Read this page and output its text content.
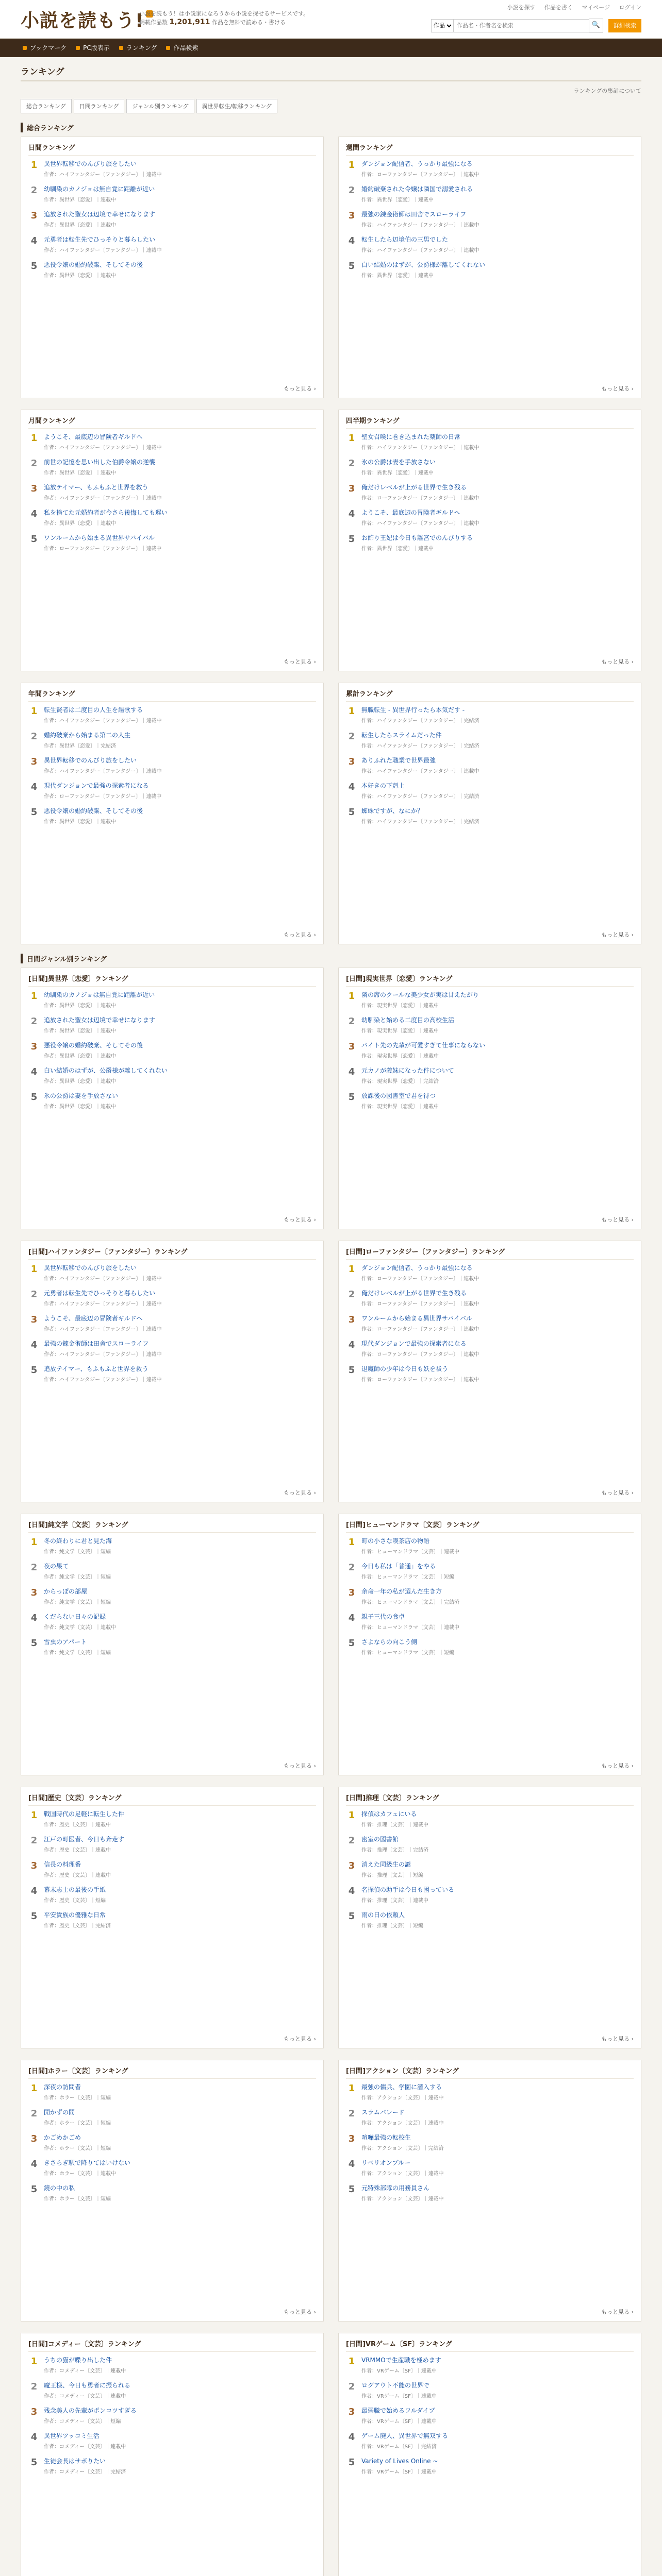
小説を読もう!
小説を読もう！は小説家になろうから小説を探せるサービスです。
掲載作品数 1,201,911 作品を無料で読める・書ける
小説を探す 作品を書く マイページ ログイン
作品
作品名・作者名を検索
🔍	詳細検索
ブックマーク	PC版表示	ランキング	作品検索
ランキング
ランキングの集計について
総合ランキング	日間ランキング	ジャンル別ランキング	異世界転生/転移ランキング
総合ランキング
日間ランキング
1	異世界転移でのんびり旅をしたい
作者：ハイファンタジー〔ファンタジー〕｜連載中
2	幼馴染のカノジョは無自覚に距離が近い
作者：異世界〔恋愛〕｜連載中
3	追放された聖女は辺境で幸せになります
作者：異世界〔恋愛〕｜連載中
4	元勇者は転生先でひっそりと暮らしたい
作者：ハイファンタジー〔ファンタジー〕｜連載中
5	悪役令嬢の婚約破棄、そしてその後
作者：異世界〔恋愛〕｜連載中
もっと見る ›
週間ランキング
1	ダンジョン配信者、うっかり最強になる
作者：ローファンタジー〔ファンタジー〕｜連載中
2	婚約破棄された令嬢は隣国で溺愛される
作者：異世界〔恋愛〕｜連載中
3	最強の錬金術師は田舎でスローライフ
作者：ハイファンタジー〔ファンタジー〕｜連載中
4	転生したら辺境伯の三男でした
作者：ハイファンタジー〔ファンタジー〕｜連載中
5	白い結婚のはずが、公爵様が離してくれない
作者：異世界〔恋愛〕｜連載中
もっと見る ›
月間ランキング
1	ようこそ、最底辺の冒険者ギルドへ
作者：ハイファンタジー〔ファンタジー〕｜連載中
2	前世の記憶を思い出した伯爵令嬢の逆襲
作者：異世界〔恋愛〕｜連載中
3	追放テイマー、もふもふと世界を救う
作者：ハイファンタジー〔ファンタジー〕｜連載中
4	私を捨てた元婚約者が今さら後悔しても遅い
作者：異世界〔恋愛〕｜連載中
5	ワンルームから始まる異世界サバイバル
作者：ローファンタジー〔ファンタジー〕｜連載中
もっと見る ›
四半期ランキング
1	聖女召喚に巻き込まれた薬師の日常
作者：ハイファンタジー〔ファンタジー〕｜連載中
2	氷の公爵は妻を手放さない
作者：異世界〔恋愛〕｜連載中
3	俺だけレベルが上がる世界で生き残る
作者：ローファンタジー〔ファンタジー〕｜連載中
4	ようこそ、最底辺の冒険者ギルドへ
作者：ハイファンタジー〔ファンタジー〕｜連載中
5	お飾り王妃は今日も離宮でのんびりする
作者：異世界〔恋愛〕｜連載中
もっと見る ›
年間ランキング
1	転生賢者は二度目の人生を謳歌する
作者：ハイファンタジー〔ファンタジー〕｜連載中
2	婚約破棄から始まる第二の人生
作者：異世界〔恋愛〕｜完結済
3	異世界転移でのんびり旅をしたい
作者：ハイファンタジー〔ファンタジー〕｜連載中
4	現代ダンジョンで最強の探索者になる
作者：ローファンタジー〔ファンタジー〕｜連載中
5	悪役令嬢の婚約破棄、そしてその後
作者：異世界〔恋愛〕｜連載中
もっと見る ›
累計ランキング
1	無職転生 - 異世界行ったら本気だす -
作者：ハイファンタジー〔ファンタジー〕｜完結済
2	転生したらスライムだった件
作者：ハイファンタジー〔ファンタジー〕｜完結済
3	ありふれた職業で世界最強
作者：ハイファンタジー〔ファンタジー〕｜連載中
4	本好きの下剋上
作者：ハイファンタジー〔ファンタジー〕｜完結済
5	蜘蛛ですが、なにか？
作者：ハイファンタジー〔ファンタジー〕｜完結済
もっと見る ›
日間ジャンル別ランキング
[日間]異世界〔恋愛〕ランキング
1	幼馴染のカノジョは無自覚に距離が近い
作者：異世界〔恋愛〕｜連載中
2	追放された聖女は辺境で幸せになります
作者：異世界〔恋愛〕｜連載中
3	悪役令嬢の婚約破棄、そしてその後
作者：異世界〔恋愛〕｜連載中
4	白い結婚のはずが、公爵様が離してくれない
作者：異世界〔恋愛〕｜連載中
5	氷の公爵は妻を手放さない
作者：異世界〔恋愛〕｜連載中
もっと見る ›
[日間]現実世界〔恋愛〕ランキング
1	隣の席のクールな美少女が実は甘えたがり
作者：現実世界〔恋愛〕｜連載中
2	幼馴染と始める二度目の高校生活
作者：現実世界〔恋愛〕｜連載中
3	バイト先の先輩が可愛すぎて仕事にならない
作者：現実世界〔恋愛〕｜連載中
4	元カノが義妹になった件について
作者：現実世界〔恋愛〕｜完結済
5	放課後の図書室で君を待つ
作者：現実世界〔恋愛〕｜連載中
もっと見る ›
[日間]ハイファンタジー〔ファンタジー〕ランキング
1	異世界転移でのんびり旅をしたい
作者：ハイファンタジー〔ファンタジー〕｜連載中
2	元勇者は転生先でひっそりと暮らしたい
作者：ハイファンタジー〔ファンタジー〕｜連載中
3	ようこそ、最底辺の冒険者ギルドへ
作者：ハイファンタジー〔ファンタジー〕｜連載中
4	最強の錬金術師は田舎でスローライフ
作者：ハイファンタジー〔ファンタジー〕｜連載中
5	追放テイマー、もふもふと世界を救う
作者：ハイファンタジー〔ファンタジー〕｜連載中
もっと見る ›
[日間]ローファンタジー〔ファンタジー〕ランキング
1	ダンジョン配信者、うっかり最強になる
作者：ローファンタジー〔ファンタジー〕｜連載中
2	俺だけレベルが上がる世界で生き残る
作者：ローファンタジー〔ファンタジー〕｜連載中
3	ワンルームから始まる異世界サバイバル
作者：ローファンタジー〔ファンタジー〕｜連載中
4	現代ダンジョンで最強の探索者になる
作者：ローファンタジー〔ファンタジー〕｜連載中
5	退魔師の少年は今日も妖を祓う
作者：ローファンタジー〔ファンタジー〕｜連載中
もっと見る ›
[日間]純文学〔文芸〕ランキング
1	冬の終わりに君と見た海
作者：純文学〔文芸〕｜短編
2	夜の果て
作者：純文学〔文芸〕｜短編
3	からっぽの部屋
作者：純文学〔文芸〕｜短編
4	くだらない日々の記録
作者：純文学〔文芸〕｜連載中
5	雪虫のアパート
作者：純文学〔文芸〕｜短編
もっと見る ›
[日間]ヒューマンドラマ〔文芸〕ランキング
1	町の小さな喫茶店の物語
作者：ヒューマンドラマ〔文芸〕｜連載中
2	今日も私は「普通」をやる
作者：ヒューマンドラマ〔文芸〕｜短編
3	余命一年の私が選んだ生き方
作者：ヒューマンドラマ〔文芸〕｜完結済
4	親子三代の食卓
作者：ヒューマンドラマ〔文芸〕｜連載中
5	さよならの向こう側
作者：ヒューマンドラマ〔文芸〕｜短編
もっと見る ›
[日間]歴史〔文芸〕ランキング
1	戦国時代の足軽に転生した件
作者：歴史〔文芸〕｜連載中
2	江戸の町医者、今日も奔走す
作者：歴史〔文芸〕｜連載中
3	信長の料理番
作者：歴史〔文芸〕｜連載中
4	幕末志士の最後の手紙
作者：歴史〔文芸〕｜短編
5	平安貴族の優雅な日常
作者：歴史〔文芸〕｜完結済
もっと見る ›
[日間]推理〔文芸〕ランキング
1	探偵はカフェにいる
作者：推理〔文芸〕｜連載中
2	密室の図書館
作者：推理〔文芸〕｜完結済
3	消えた同級生の謎
作者：推理〔文芸〕｜短編
4	名探偵の助手は今日も困っている
作者：推理〔文芸〕｜連載中
5	雨の日の依頼人
作者：推理〔文芸〕｜短編
もっと見る ›
[日間]ホラー〔文芸〕ランキング
1	深夜の訪問者
作者：ホラー〔文芸〕｜短編
2	開かずの間
作者：ホラー〔文芸〕｜短編
3	かごめかごめ
作者：ホラー〔文芸〕｜短編
4	きさらぎ駅で降りてはいけない
作者：ホラー〔文芸〕｜連載中
5	鏡の中の私
作者：ホラー〔文芸〕｜短編
もっと見る ›
[日間]アクション〔文芸〕ランキング
1	最強の傭兵、学園に潜入する
作者：アクション〔文芸〕｜連載中
2	スラムパレード
作者：アクション〔文芸〕｜連載中
3	喧嘩最強の転校生
作者：アクション〔文芸〕｜完結済
4	リベリオンブルー
作者：アクション〔文芸〕｜連載中
5	元特殊部隊の用務員さん
作者：アクション〔文芸〕｜連載中
もっと見る ›
[日間]コメディー〔文芸〕ランキング
1	うちの猫が喋り出した件
作者：コメディー〔文芸〕｜連載中
2	魔王様、今日も勇者に振られる
作者：コメディー〔文芸〕｜連載中
3	残念美人の先輩がポンコツすぎる
作者：コメディー〔文芸〕｜短編
4	異世界ツッコミ生活
作者：コメディー〔文芸〕｜連載中
5	生徒会長はサボりたい
作者：コメディー〔文芸〕｜完結済
[日間]VRゲーム〔SF〕ランキング
1	VRMMOで生産職を極めます
作者：VRゲーム〔SF〕｜連載中
2	ログアウト不能の世界で
作者：VRゲーム〔SF〕｜連載中
3	最弱職で始めるフルダイブ
作者：VRゲーム〔SF〕｜連載中
4	ゲーム廃人、異世界で無双する
作者：VRゲーム〔SF〕｜完結済
5	Variety of Lives Online ~
作者：VRゲーム〔SF〕｜連載中
